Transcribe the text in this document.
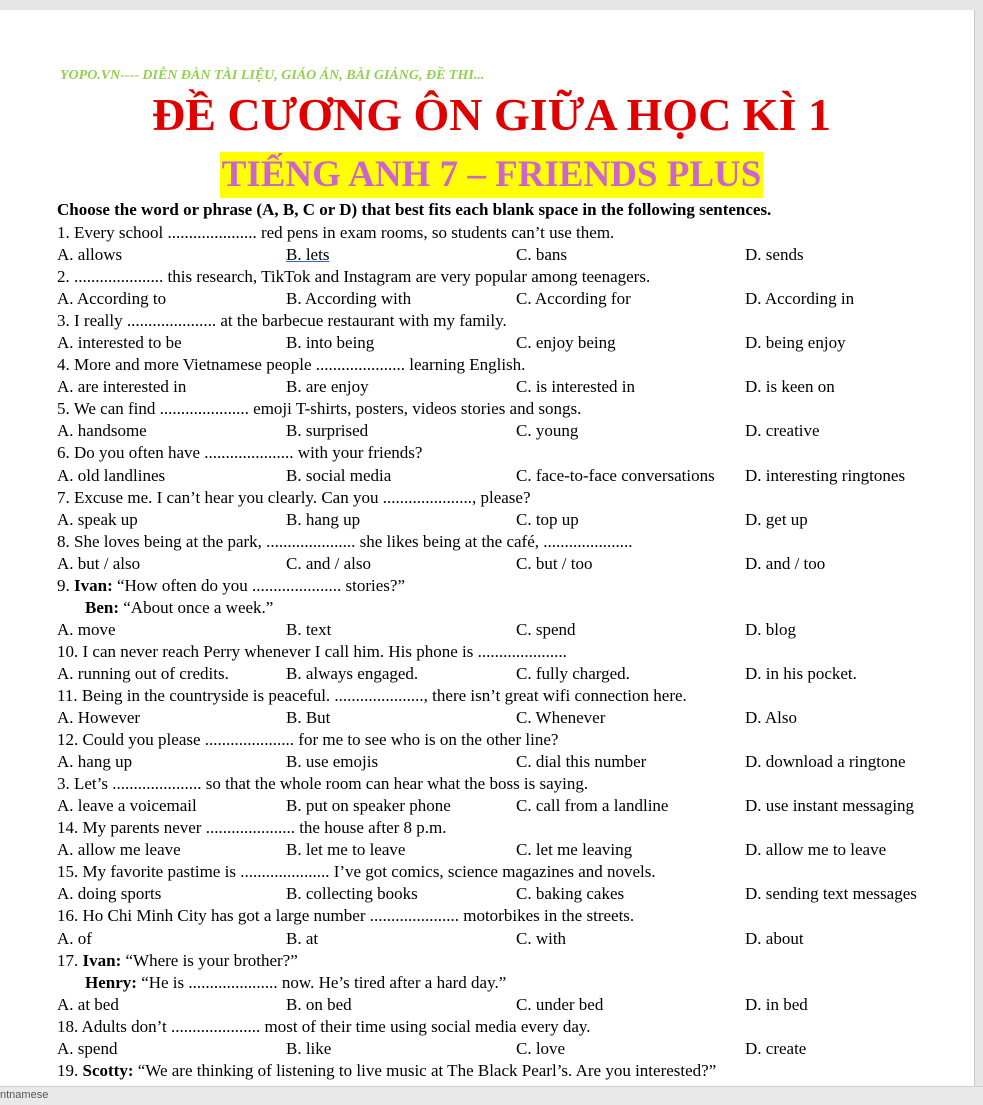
YOPO.VN---- DIỄN ĐÀN TÀI LIỆU, GIÁO ÁN, BÀI GIẢNG, ĐỀ THI...
ĐỀ CƯƠNG ÔN GIỮA HỌC KÌ 1
TIẾNG ANH 7 – FRIENDS PLUS
Choose the word or phrase (A, B, C or D) that best fits each blank space in the following sentences.
1. Every school ..................... red pens in exam rooms, so students can’t use them.
A. allows	B. lets	C. bans	D. sends
2. ..................... this research, TikTok and Instagram are very popular among teenagers.
A. According to	B. According with	C. According for	D. According in
3. I really ..................... at the barbecue restaurant with my family.
A. interested to be	B. into being	C. enjoy being	D. being enjoy
4. More and more Vietnamese people ..................... learning English.
A. are interested in	B. are enjoy	C. is interested in	D. is keen on
5. We can find ..................... emoji T-shirts, posters, videos stories and songs.
A. handsome	B. surprised	C. young	D. creative
6. Do you often have ..................... with your friends?
A. old landlines	B. social media	C. face-to-face conversations D. interesting ringtones
7. Excuse me. I can’t hear you clearly. Can you ....................., please?
A. speak up	B. hang up	C. top up	D. get up
8. She loves being at the park, ..................... she likes being at the café, .....................
A. but / also	C. and / also	C. but / too	D. and / too
9. Ivan: “How often do you ..................... stories?”
Ben: “About once a week.”
A. move	B. text	C. spend	D. blog
10. I can never reach Perry whenever I call him. His phone is .....................
A. running out of credits.	B. always engaged.	C. fully charged.	D. in his pocket.
11. Being in the countryside is peaceful. ....................., there isn’t great wifi connection here.
A. However	B. But	C. Whenever	D. Also
12. Could you please ..................... for me to see who is on the other line?
A. hang up	B. use emojis	C. dial this number	D. download a ringtone
3. Let’s ..................... so that the whole room can hear what the boss is saying.
A. leave a voicemail	B. put on speaker phone	C. call from a landline	D. use instant messaging
14. My parents never ..................... the house after 8 p.m.
A. allow me leave	B. let me to leave	C. let me leaving	D. allow me to leave
15. My favorite pastime is ..................... I’ve got comics, science magazines and novels.
A. doing sports	B. collecting books	C. baking cakes	D. sending text messages
16. Ho Chi Minh City has got a large number ..................... motorbikes in the streets.
A. of	B. at	C. with	D. about
17. Ivan: “Where is your brother?”
Henry: “He is ..................... now. He’s tired after a hard day.”
A. at bed	B. on bed	C. under bed	D. in bed
18. Adults don’t ..................... most of their time using social media every day.
A. spend	B. like	C. love	D. create
19. Scotty: “We are thinking of listening to live music at The Black Pearl’s. Are you interested?”
ntnamese
